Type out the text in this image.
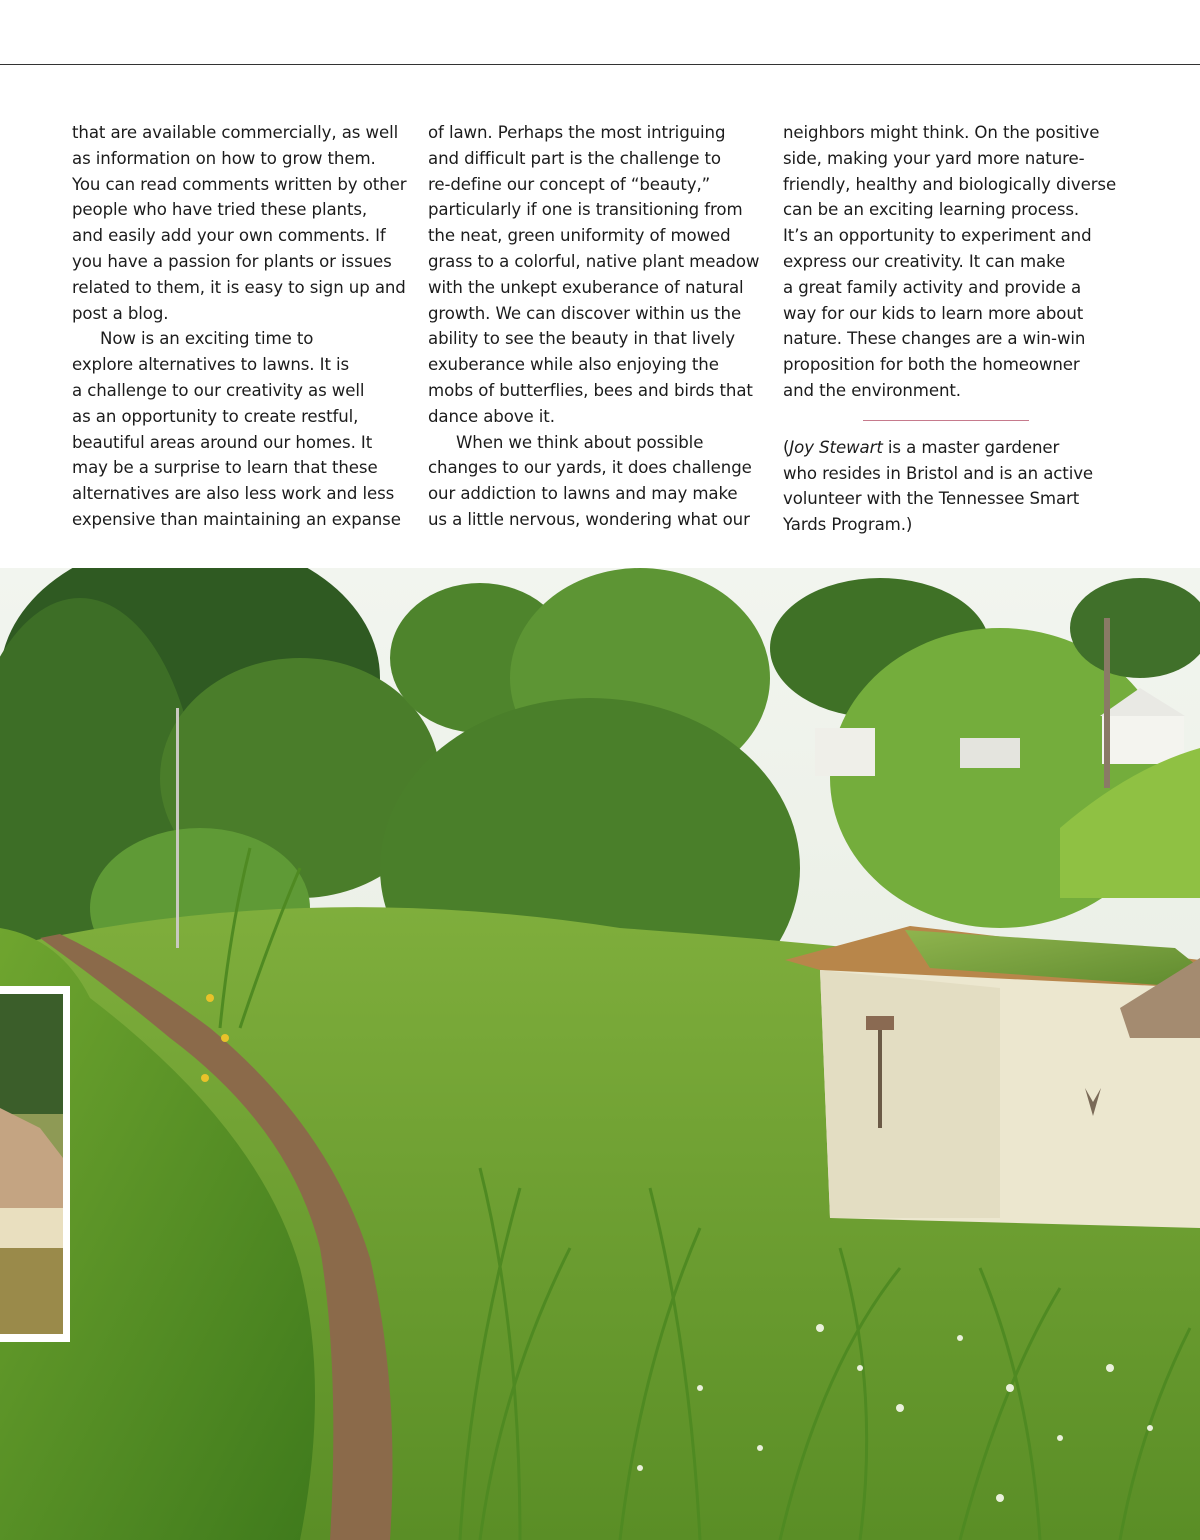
that are available commercially, as well
as information on how to grow them.
You can read comments written by other
people who have tried these plants,
and easily add your own comments. If
you have a passion for plants or issues
related to them, it is easy to sign up and
post a blog.

Now is an exciting time to
explore alternatives to lawns. It is
a challenge to our creativity as well
as an opportunity to create restful,
beautiful areas around our homes. It
may be a surprise to learn that these
alternatives are also less work and less
expensive than maintaining an expanse

of lawn. Perhaps the most intriguing
and difficult part is the challenge to
re-define our concept of “beauty,”
particularly if one is transitioning from
the neat, green uniformity of mowed
grass to a colorful, native plant meadow
with the unkept exuberance of natural
growth. We can discover within us the
ability to see the beauty in that lively
exuberance while also enjoying the
mobs of butterflies, bees and birds that
dance above it.

When we think about possible
changes to our yards, it does challenge
our addiction to lawns and may make
us a little nervous, wondering what our

neighbors might think. On the positive
side, making your yard more nature-
friendly, healthy and biologically diverse
can be an exciting learning process.
It’s an opportunity to experiment and
express our creativity. It can make
a great family activity and provide a
way for our kids to learn more about
nature. These changes are a win-win
proposition for both the homeowner
and the environment.

(Joy Stewart is a master gardener
who resides in Bristol and is an active
volunteer with the Tennessee Smart
Yards Program.)
